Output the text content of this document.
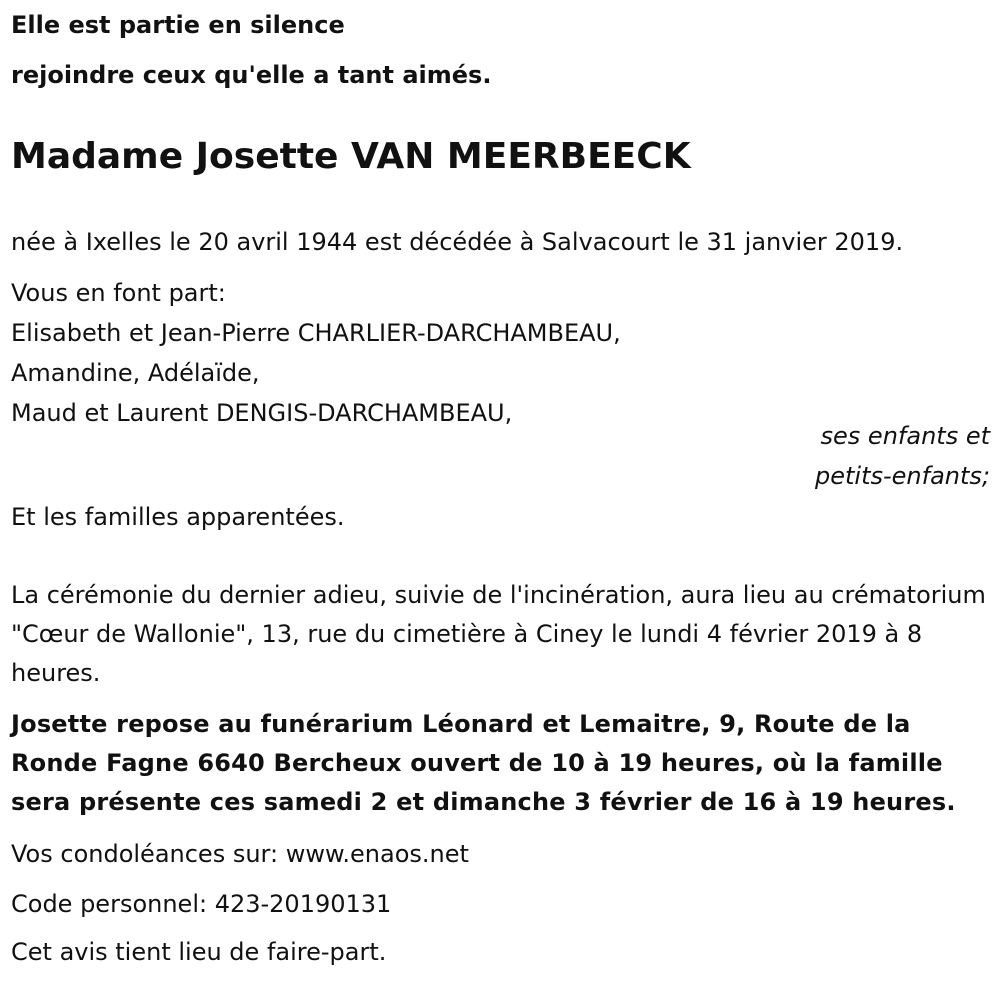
Elle est partie en silence
rejoindre ceux qu'elle a tant aimés.
Madame Josette VAN MEERBEECK
née à Ixelles le 20 avril 1944 est décédée à Salvacourt le 31 janvier 2019.
Vous en font part:
Elisabeth et Jean-Pierre CHARLIER-DARCHAMBEAU,
Amandine, Adélaïde,
Maud et Laurent DENGIS-DARCHAMBEAU,
ses enfants et
petits-enfants;
Et les familles apparentées.
La cérémonie du dernier adieu, suivie de l'incinération, aura lieu au crématorium "Cœur de Wallonie", 13, rue du cimetière à Ciney le lundi 4 février 2019 à 8 heures.
Josette repose au funérarium Léonard et Lemaitre, 9, Route de la Ronde Fagne 6640 Bercheux ouvert de 10 à 19 heures, où la famille sera présente ces samedi 2 et dimanche 3 février de 16 à 19 heures.
Vos condoléances sur: www.enaos.net
Code personnel: 423-20190131
Cet avis tient lieu de faire-part.
